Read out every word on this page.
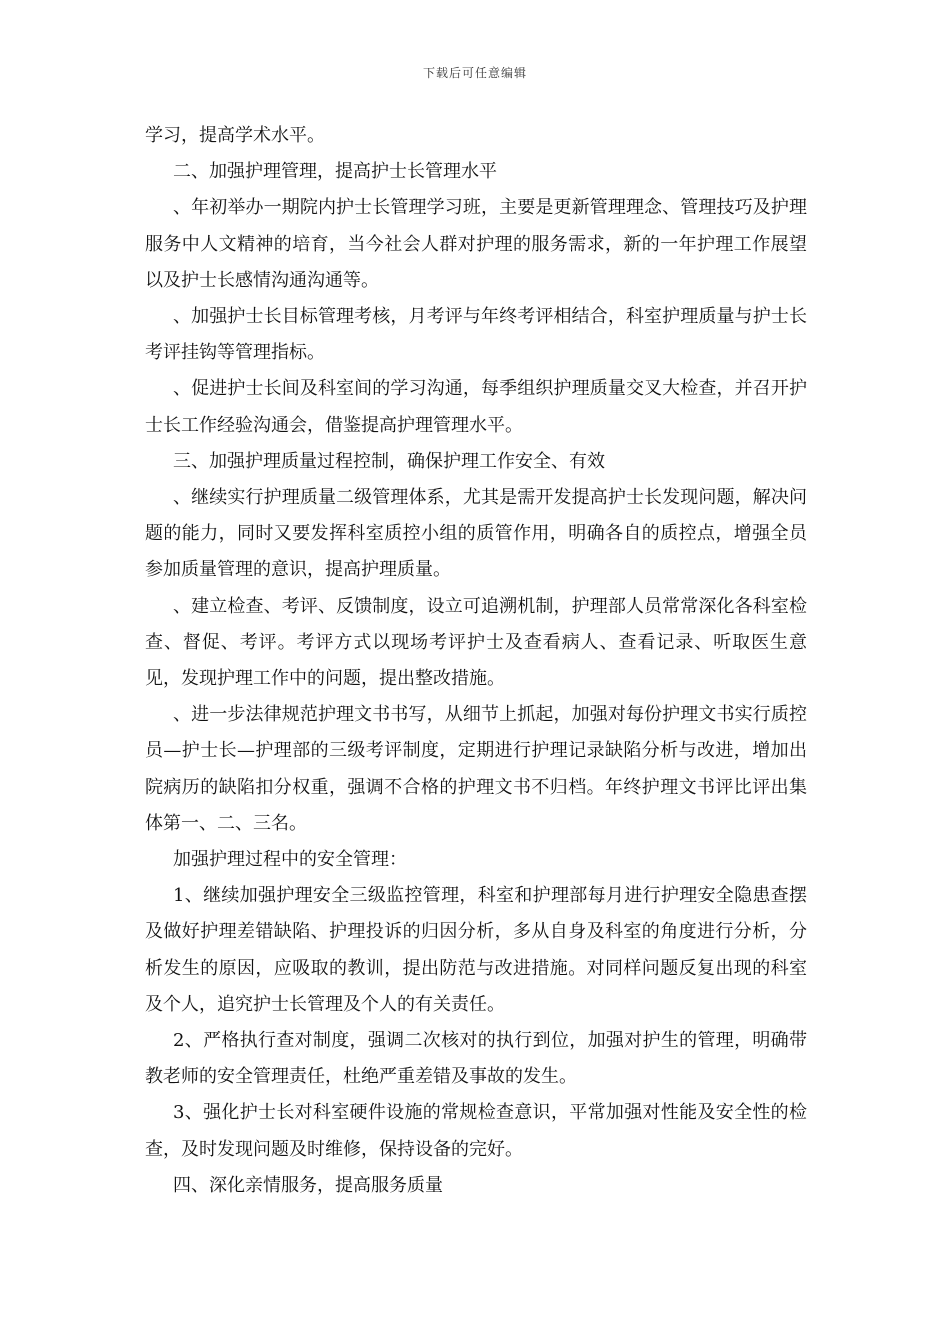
下载后可任意编辑

学习，提高学术水平。

二、加强护理管理，提高护士长管理水平

、年初举办一期院内护士长管理学习班，主要是更新管理理念、管理技巧及护理服务中人文精神的培育，当今社会人群对护理的服务需求，新的一年护理工作展望以及护士长感情沟通沟通等。

、加强护士长目标管理考核，月考评与年终考评相结合，科室护理质量与护士长考评挂钩等管理指标。

、促进护士长间及科室间的学习沟通，每季组织护理质量交叉大检查，并召开护士长工作经验沟通会，借鉴提高护理管理水平。

三、加强护理质量过程控制，确保护理工作安全、有效

、继续实行护理质量二级管理体系，尤其是需开发提高护士长发现问题，解决问题的能力，同时又要发挥科室质控小组的质管作用，明确各自的质控点，增强全员参加质量管理的意识，提高护理质量。

、建立检查、考评、反馈制度，设立可追溯机制，护理部人员常常深化各科室检查、督促、考评。考评方式以现场考评护士及查看病人、查看记录、听取医生意见，发现护理工作中的问题，提出整改措施。

、进一步法律规范护理文书书写，从细节上抓起，加强对每份护理文书实行质控员—护士长—护理部的三级考评制度，定期进行护理记录缺陷分析与改进，增加出院病历的缺陷扣分权重，强调不合格的护理文书不归档。年终护理文书评比评出集体第一、二、三名。

加强护理过程中的安全管理：

1、继续加强护理安全三级监控管理，科室和护理部每月进行护理安全隐患查摆及做好护理差错缺陷、护理投诉的归因分析，多从自身及科室的角度进行分析，分析发生的原因，应吸取的教训，提出防范与改进措施。对同样问题反复出现的科室及个人，追究护士长管理及个人的有关责任。

2、严格执行查对制度，强调二次核对的执行到位，加强对护生的管理，明确带教老师的安全管理责任，杜绝严重差错及事故的发生。

3、强化护士长对科室硬件设施的常规检查意识，平常加强对性能及安全性的检查，及时发现问题及时维修，保持设备的完好。

四、深化亲情服务，提高服务质量
